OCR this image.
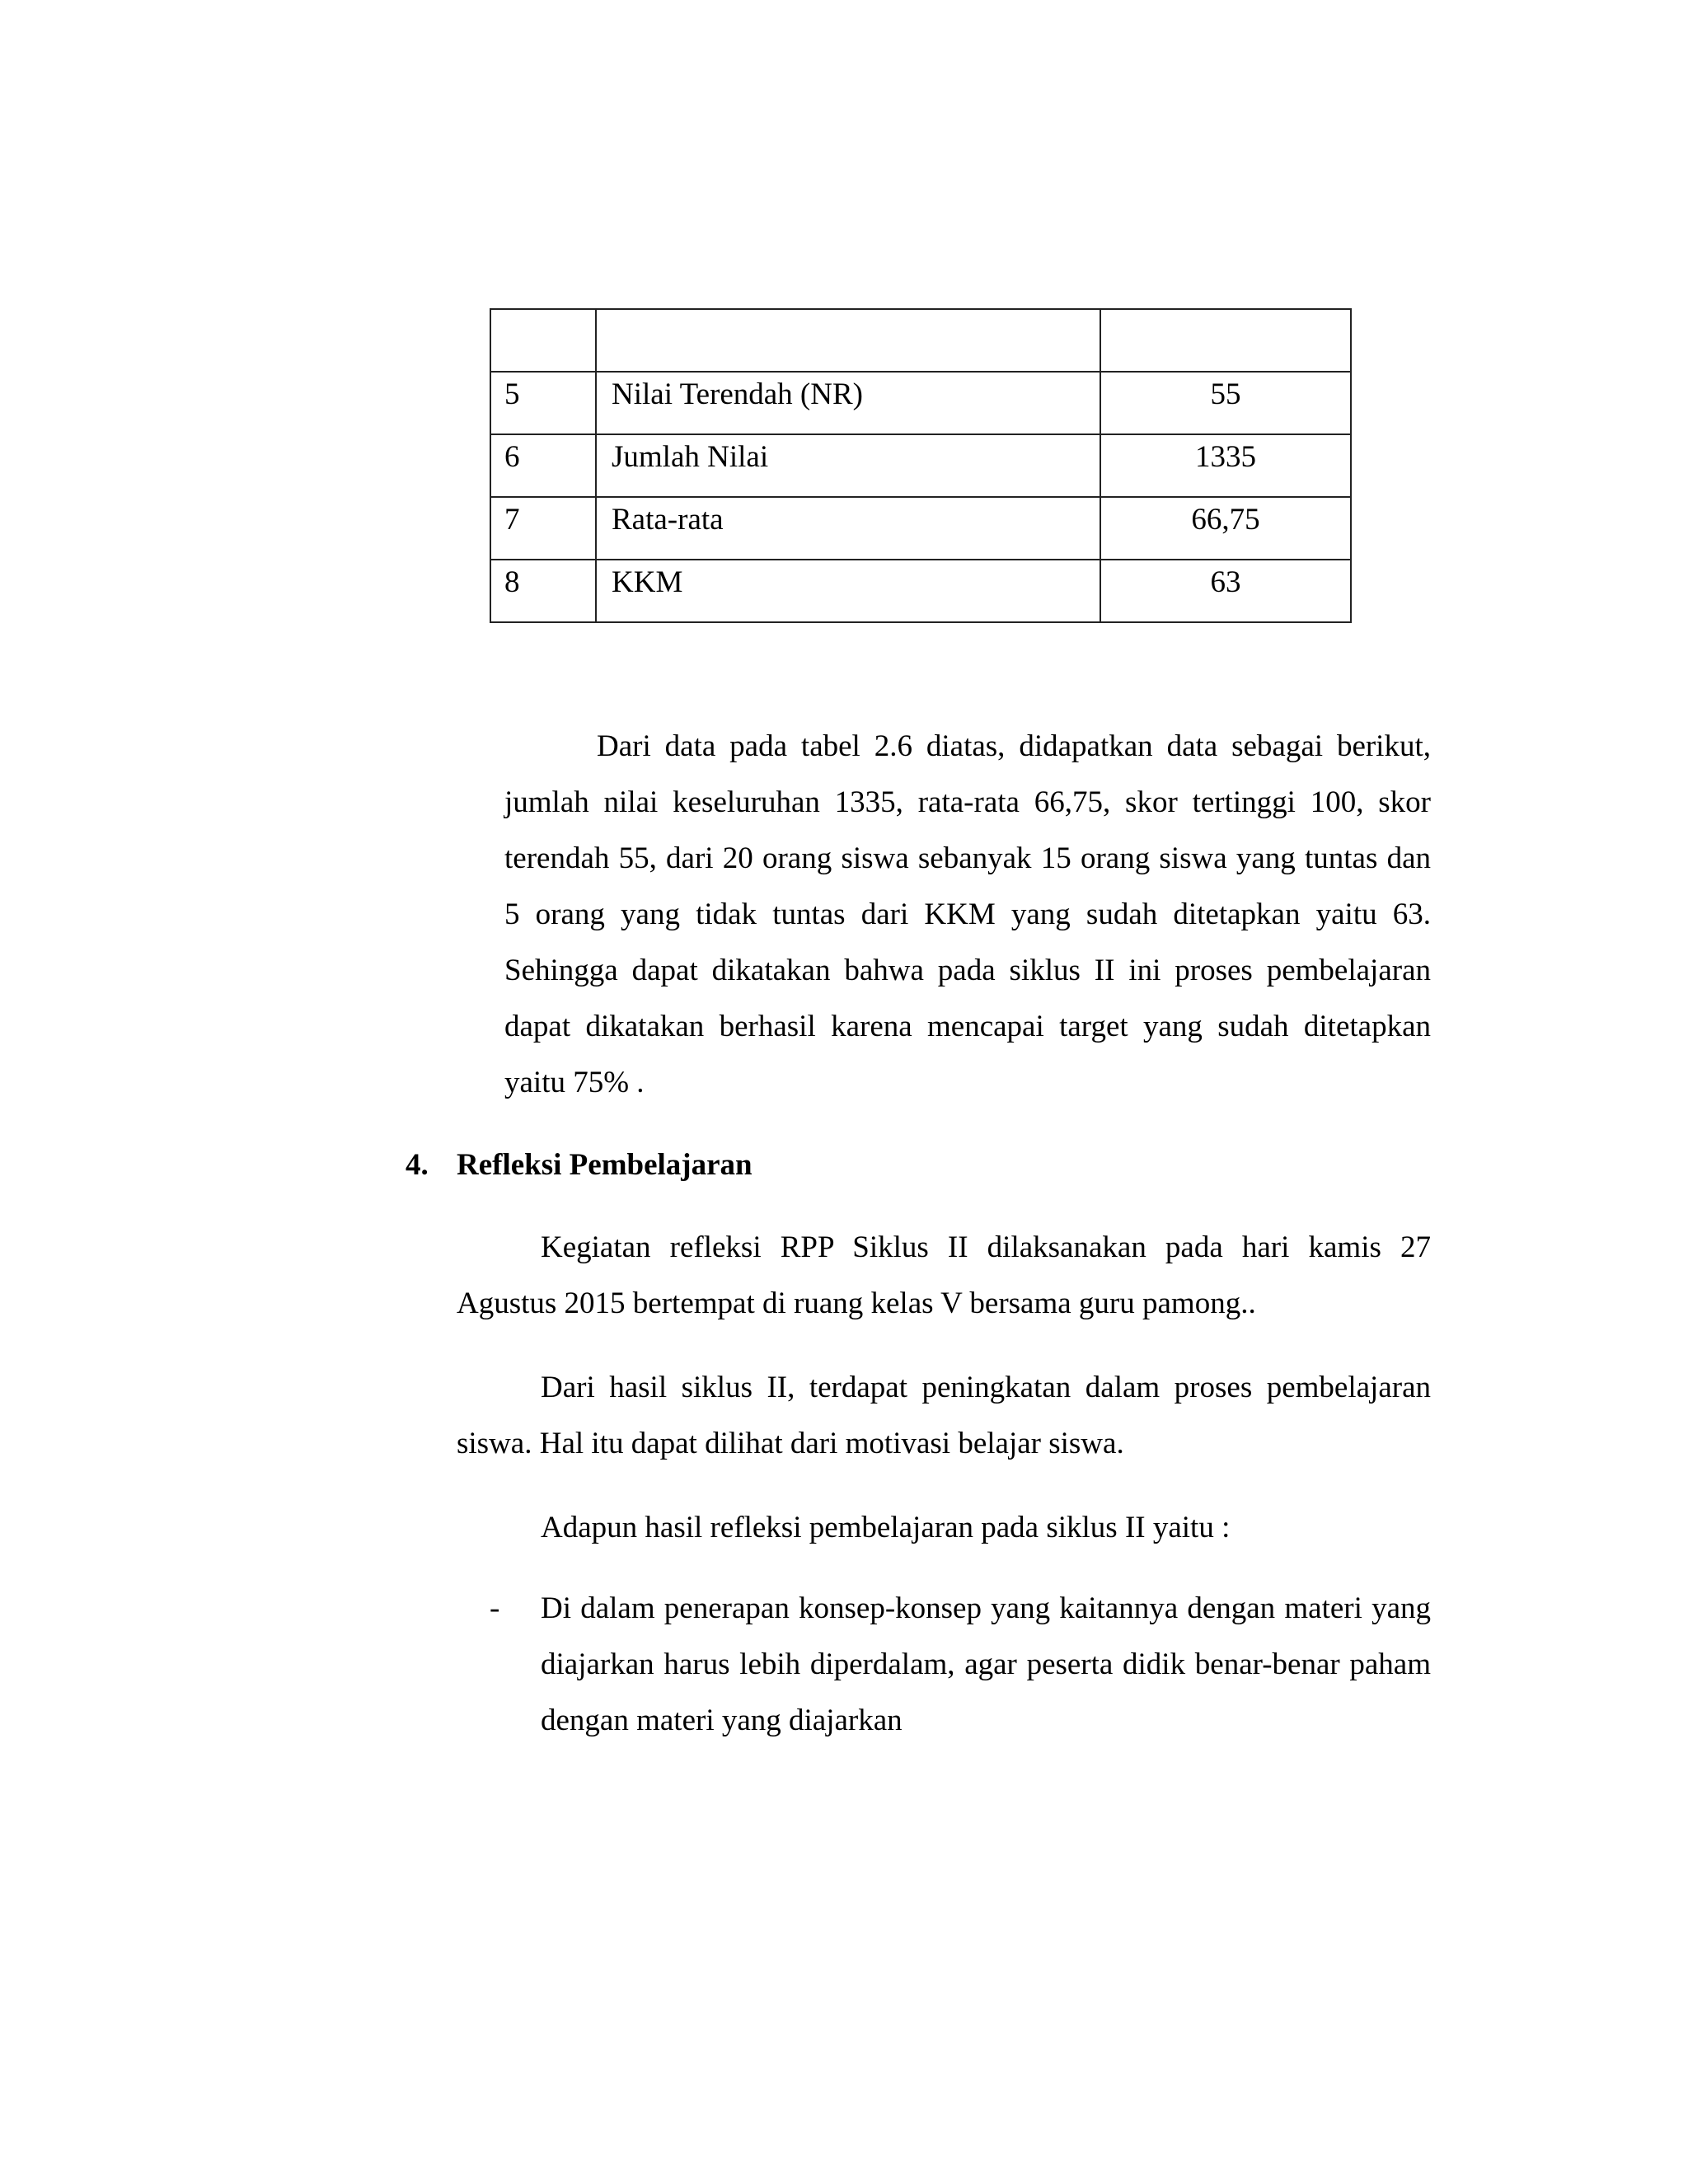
5	Nilai Terendah (NR)	55
6	Jumlah Nilai	1335
7	Rata-rata	66,75
8	KKM	63

Dari data pada tabel 2.6 diatas, didapatkan data sebagai berikut, jumlah nilai keseluruhan 1335, rata-rata 66,75, skor tertinggi 100, skor terendah 55, dari 20 orang siswa sebanyak 15 orang siswa yang tuntas dan 5 orang yang tidak tuntas dari KKM yang sudah ditetapkan yaitu 63. Sehingga dapat dikatakan bahwa pada siklus II ini proses pembelajaran dapat dikatakan berhasil karena mencapai target yang sudah ditetapkan yaitu 75% .

4. Refleksi Pembelajaran

Kegiatan refleksi RPP Siklus II dilaksanakan pada hari kamis 27 Agustus 2015 bertempat di ruang kelas V bersama guru pamong..

Dari hasil siklus II, terdapat peningkatan dalam proses pembelajaran siswa. Hal itu dapat dilihat dari motivasi belajar siswa.

Adapun hasil refleksi pembelajaran pada siklus II yaitu :

-	Di dalam penerapan konsep-konsep yang kaitannya dengan materi yang diajarkan harus lebih diperdalam, agar peserta didik benar-benar paham dengan materi yang diajarkan
